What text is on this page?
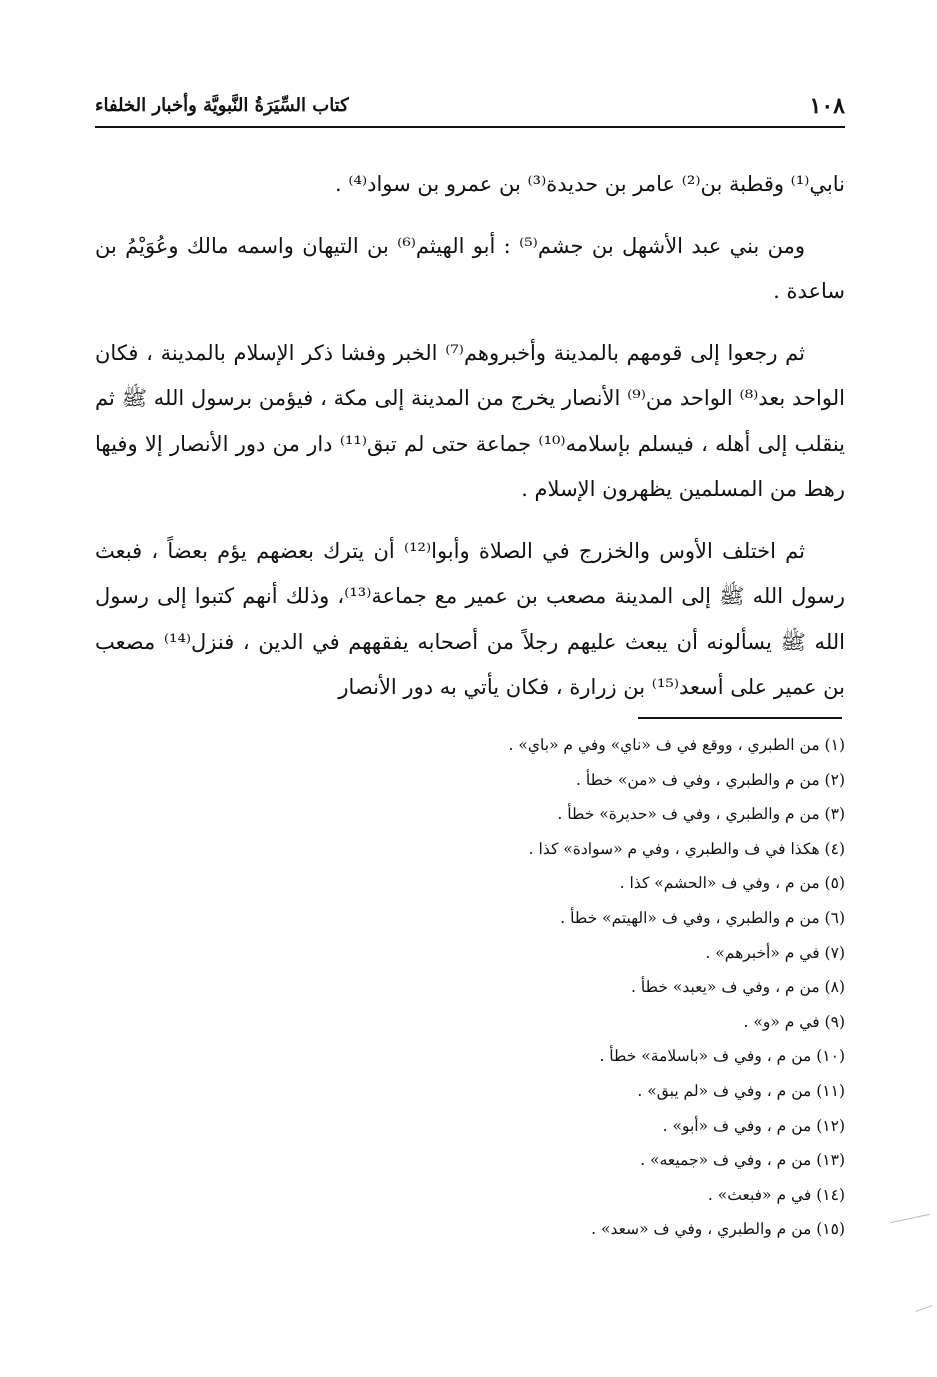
١٠٨
كتاب السِّيَرَةُ النَّبويَّة وأخبار الخلفاء

نابي⁽¹⁾ وقطبة بن⁽²⁾ عامر بن حديدة⁽³⁾ بن عمرو بن سواد⁽⁴⁾ .

ومن بني عبد الأشهل بن جشم⁽⁵⁾ : أبو الهيثم⁽⁶⁾ بن التيهان واسمه مالك وعُوَيْمُ بن ساعدة .

ثم رجعوا إلى قومهم بالمدينة وأخبروهم⁽⁷⁾ الخبر وفشا ذكر الإسلام بالمدينة ، فكان الواحد بعد⁽⁸⁾ الواحد من⁽⁹⁾ الأنصار يخرج من المدينة إلى مكة ، فيؤمن برسول الله ﷺ ثم ينقلب إلى أهله ، فيسلم بإسلامه⁽¹⁰⁾ جماعة حتى لم تبق⁽¹¹⁾ دار من دور الأنصار إلا وفيها رهط من المسلمين يظهرون الإسلام .

ثم اختلف الأوس والخزرج في الصلاة وأبوا⁽¹²⁾ أن يترك بعضهم يؤم بعضاً ، فبعث رسول الله ﷺ إلى المدينة مصعب بن عمير مع جماعة⁽¹³⁾، وذلك أنهم كتبوا إلى رسول الله ﷺ يسألونه أن يبعث عليهم رجلاً من أصحابه يفقههم في الدين ، فنزل⁽¹⁴⁾ مصعب بن عمير على أسعد⁽¹⁵⁾ بن زرارة ، فكان يأتي به دور الأنصار

(١) من الطبري ، ووقع في ف «ناي» وفي م «باي» .
(٢) من م والطبري ، وفي ف «من» خطأ .
(٣) من م والطبري ، وفي ف «حديرة» خطأ .
(٤) هكذا في ف والطبري ، وفي م «سوادة» كذا .
(٥) من م ، وفي ف «الحشم» كذا .
(٦) من م والطبري ، وفي ف «الهيتم» خطأ .
(٧) في م «أخبرهم» .
(٨) من م ، وفي ف «يعبد» خطأ .
(٩) في م «و» .
(١٠) من م ، وفي ف «باسلامة» خطأ .
(١١) من م ، وفي ف «لم يبق» .
(١٢) من م ، وفي ف «أبو» .
(١٣) من م ، وفي ف «جميعه» .
(١٤) في م «فبعث» .
(١٥) من م والطبري ، وفي ف «سعد» .
